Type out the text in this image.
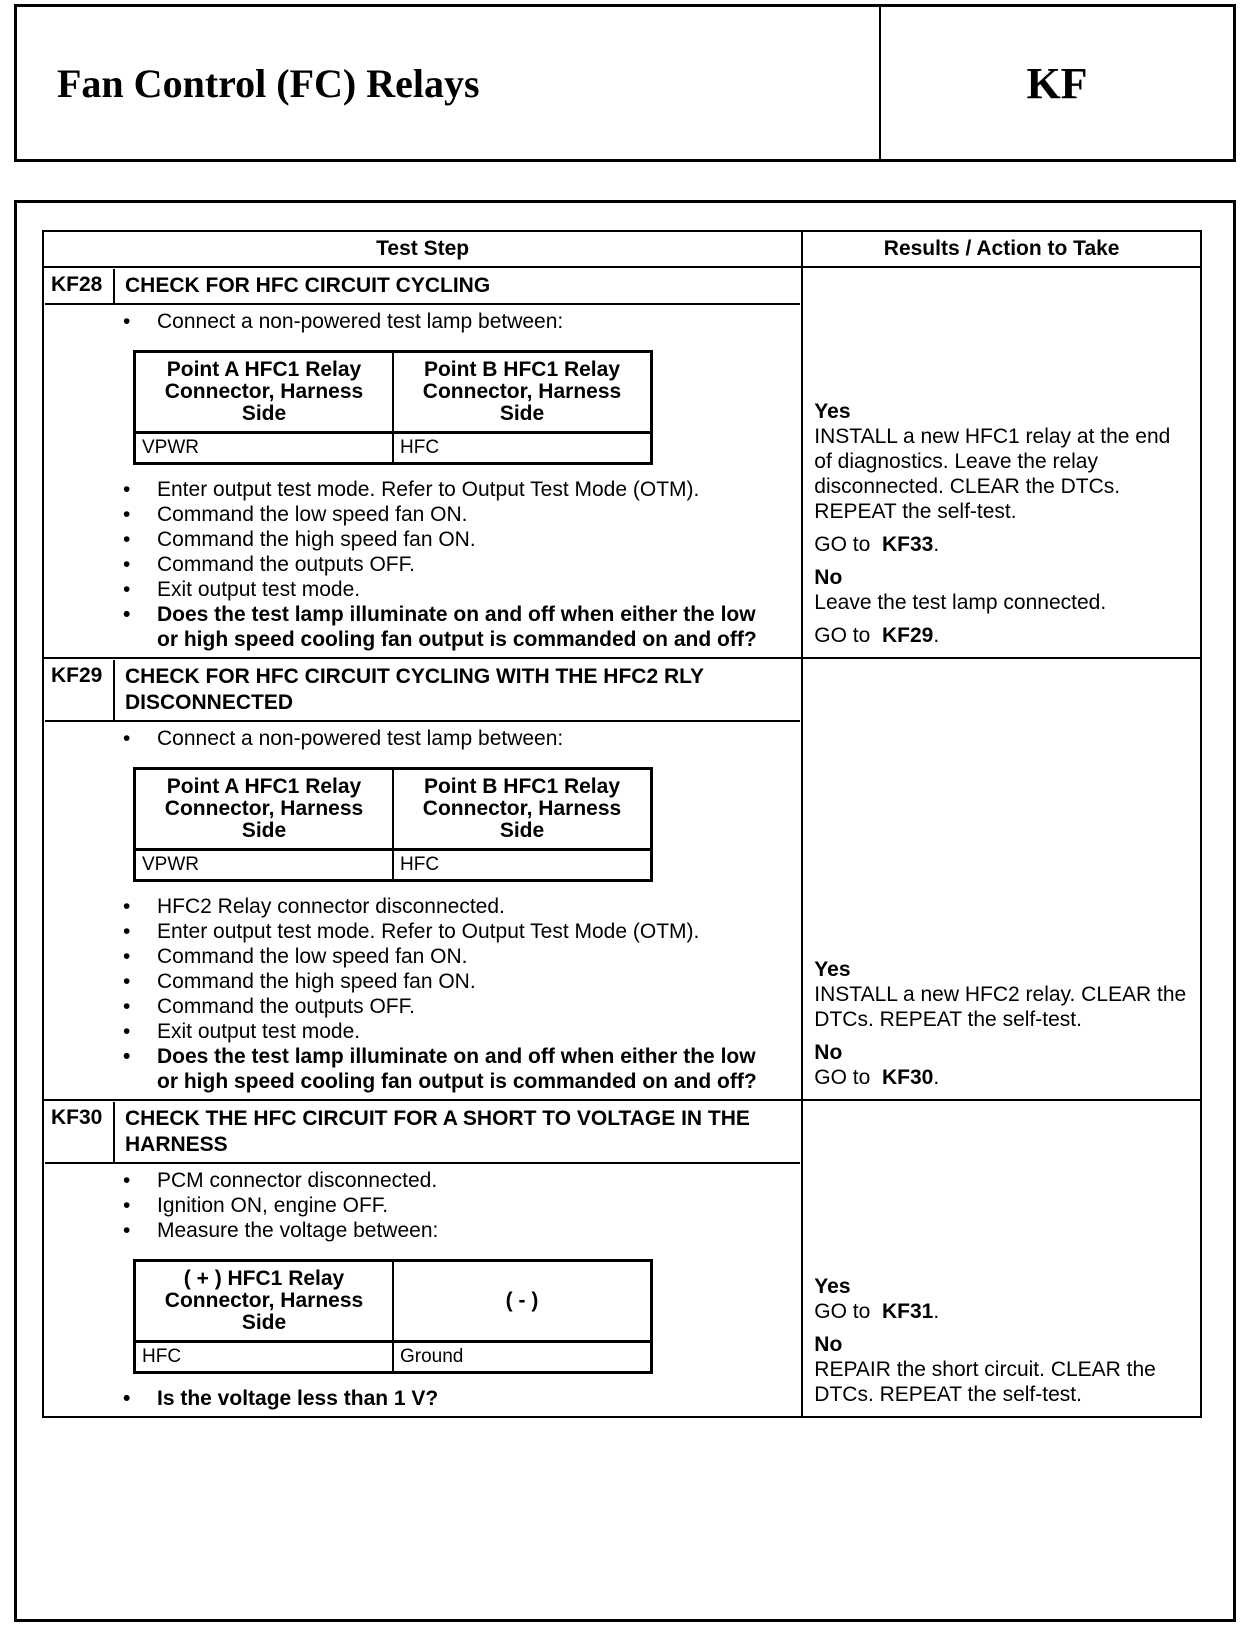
Fan Control (FC) Relays	KF
Test Step	Results / Action to Take

KF28	CHECK FOR HFC CIRCUIT CYCLING
• Connect a non-powered test lamp between:
Point A HFC1 Relay Connector, Harness Side	Point B HFC1 Relay Connector, Harness Side
VPWR	HFC
• Enter output test mode. Refer to Output Test Mode (OTM).
• Command the low speed fan ON.
• Command the high speed fan ON.
• Command the outputs OFF.
• Exit output test mode.
• Does the test lamp illuminate on and off when either the low or high speed cooling fan output is commanded on and off?

Yes

INSTALL a new HFC1 relay at the end of diagnostics. Leave the relay disconnected. CLEAR the DTCs. REPEAT the self-test.

GO to KF33.

No

Leave the test lamp connected.

GO to KF29.

KF29	CHECK FOR HFC CIRCUIT CYCLING WITH THE HFC2 RLY DISCONNECTED
• Connect a non-powered test lamp between:
Point A HFC1 Relay Connector, Harness Side	Point B HFC1 Relay Connector, Harness Side
VPWR	HFC
• HFC2 Relay connector disconnected.
• Enter output test mode. Refer to Output Test Mode (OTM).
• Command the low speed fan ON.
• Command the high speed fan ON.
• Command the outputs OFF.
• Exit output test mode.
• Does the test lamp illuminate on and off when either the low or high speed cooling fan output is commanded on and off?

Yes

INSTALL a new HFC2 relay. CLEAR the DTCs. REPEAT the self-test.

No

GO to KF30.

KF30	CHECK THE HFC CIRCUIT FOR A SHORT TO VOLTAGE IN THE HARNESS
• PCM connector disconnected.
• Ignition ON, engine OFF.
• Measure the voltage between:
( + ) HFC1 Relay Connector, Harness Side	( - )
HFC	Ground
• Is the voltage less than 1 V?

Yes

GO to KF31.

No

REPAIR the short circuit. CLEAR the DTCs. REPEAT the self-test.
